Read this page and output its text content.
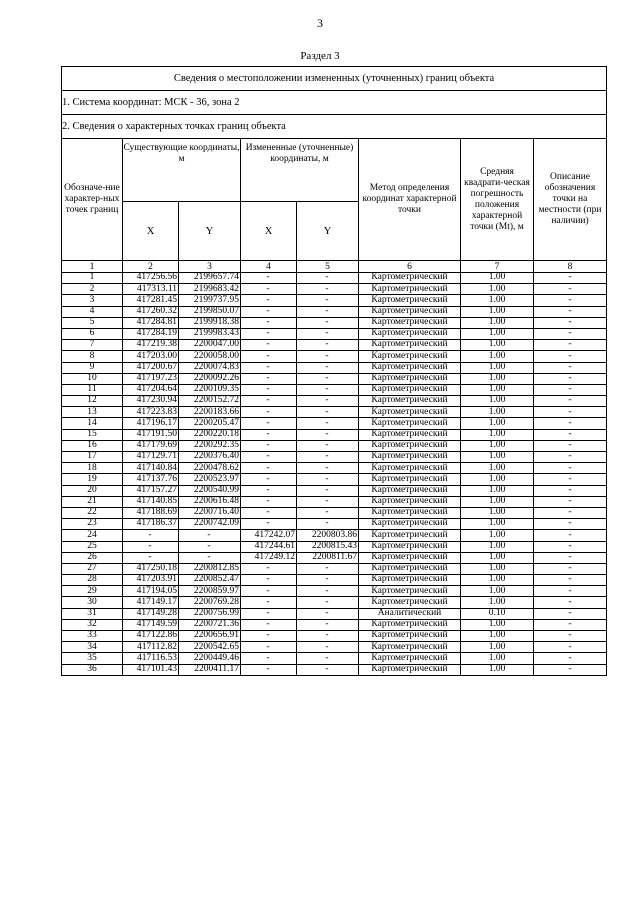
3
Раздел 3
Сведения о местоположении измененных (уточненных) границ объекта							
1. Система координат: МСК - 36, зона 2							
2. Сведения о характерных точках границ объекта							
Обозначе-ние характер-ных точек границ	Существующие координаты, м		Измененные (уточненные) координаты, м		Метод определения координат характерной точки	Средняя квадрати-ческая погрешность положения характерной точки (Mt), м	Описание обозначения точки на местности (при наличии)
	X	Y	X	Y			
1	2	3	4	5	6	7	8
1	417256.56	2199657.74	-	-	Картометрический	1.00	-
2	417313.11	2199683.42	-	-	Картометрический	1.00	-
3	417281.45	2199737.95	-	-	Картометрический	1.00	-
4	417260.32	2199850.07	-	-	Картометрический	1.00	-
5	417284.81	2199918.38	-	-	Картометрический	1.00	-
6	417284.19	2199983.43	-	-	Картометрический	1.00	-
7	417219.38	2200047.00	-	-	Картометрический	1.00	-
8	417203.00	2200058.00	-	-	Картометрический	1.00	-
9	417200.67	2200074.83	-	-	Картометрический	1.00	-
10	417197.23	2200092.26	-	-	Картометрический	1.00	-
11	417204.64	2200109.35	-	-	Картометрический	1.00	-
12	417230.94	2200152.72	-	-	Картометрический	1.00	-
13	417223.83	2200183.66	-	-	Картометрический	1.00	-
14	417196.17	2200205.47	-	-	Картометрический	1.00	-
15	417191.50	2200220.18	-	-	Картометрический	1.00	-
16	417179.69	2200292.35	-	-	Картометрический	1.00	-
17	417129.71	2200376.40	-	-	Картометрический	1.00	-
18	417140.84	2200478.62	-	-	Картометрический	1.00	-
19	417137.76	2200523.97	-	-	Картометрический	1.00	-
20	417157.27	2200540.99	-	-	Картометрический	1.00	-
21	417140.85	2200616.48	-	-	Картометрический	1.00	-
22	417188.69	2200716.40	-	-	Картометрический	1.00	-
23	417186.37	2200742.09	-	-	Картометрический	1.00	-
24	-	-	417242.07	2200803.86	Картометрический	1.00	-
25	-	-	417244.61	2200815.43	Картометрический	1.00	-
26	-	-	417249.12	2200811.67	Картометрический	1.00	-
27	417250.18	2200812.85	-	-	Картометрический	1.00	-
28	417203.91	2200852.47	-	-	Картометрический	1.00	-
29	417194.05	2200859.97	-	-	Картометрический	1.00	-
30	417149.17	2200769.28	-	-	Картометрический	1.00	-
31	417149.28	2200756.99	-	-	Аналитический	0.10	-
32	417149.59	2200721.36	-	-	Картометрический	1.00	-
33	417122.86	2200656.91	-	-	Картометрический	1.00	-
34	417112.82	2200542.65	-	-	Картометрический	1.00	-
35	417116.53	2200449.46	-	-	Картометрический	1.00	-
36	417101.43	2200411.17	-	-	Картометрический	1.00	-
